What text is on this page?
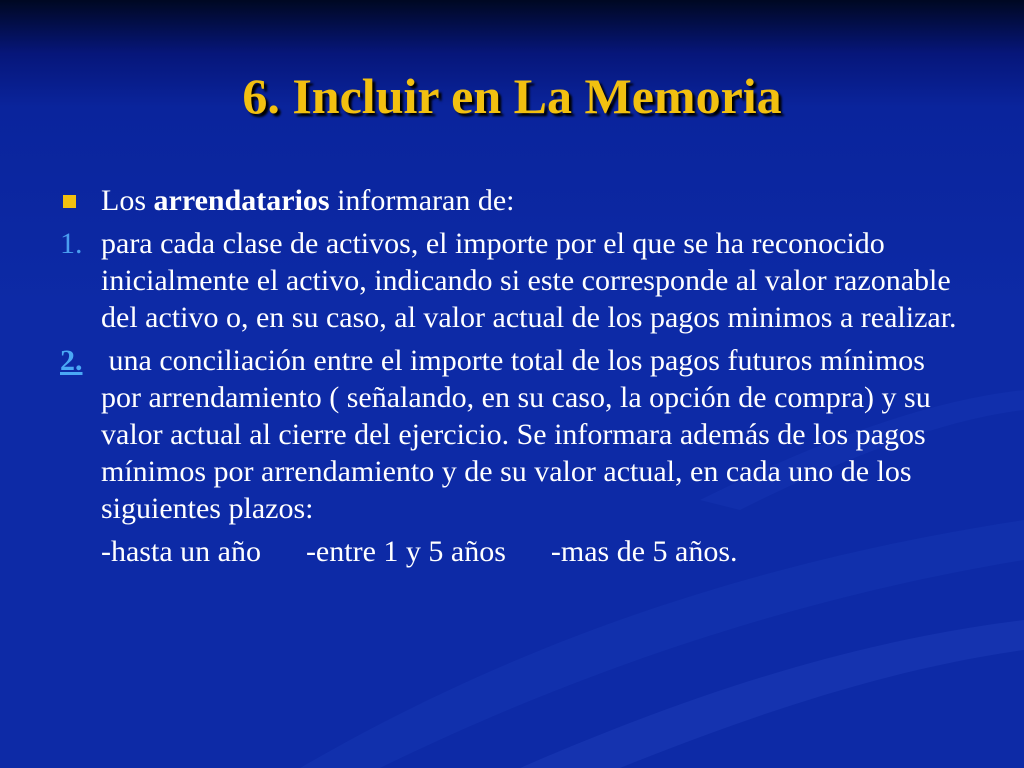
6. Incluir en La Memoria
Los arrendatarios informaran de:
1. para cada clase de activos, el importe por el que se ha reconocido inicialmente el activo, indicando si este corresponde al valor razonable del activo o, en su caso, al valor actual de los pagos minimos a realizar.
2. una conciliación entre el importe total de los pagos futuros mínimos por arrendamiento ( señalando, en su caso, la opción de compra) y su valor actual al cierre del ejercicio. Se informara además de los pagos mínimos por arrendamiento y de su valor actual, en cada uno de los siguientes plazos:
-hasta un año      -entre 1 y 5 años      -mas de 5 años.
